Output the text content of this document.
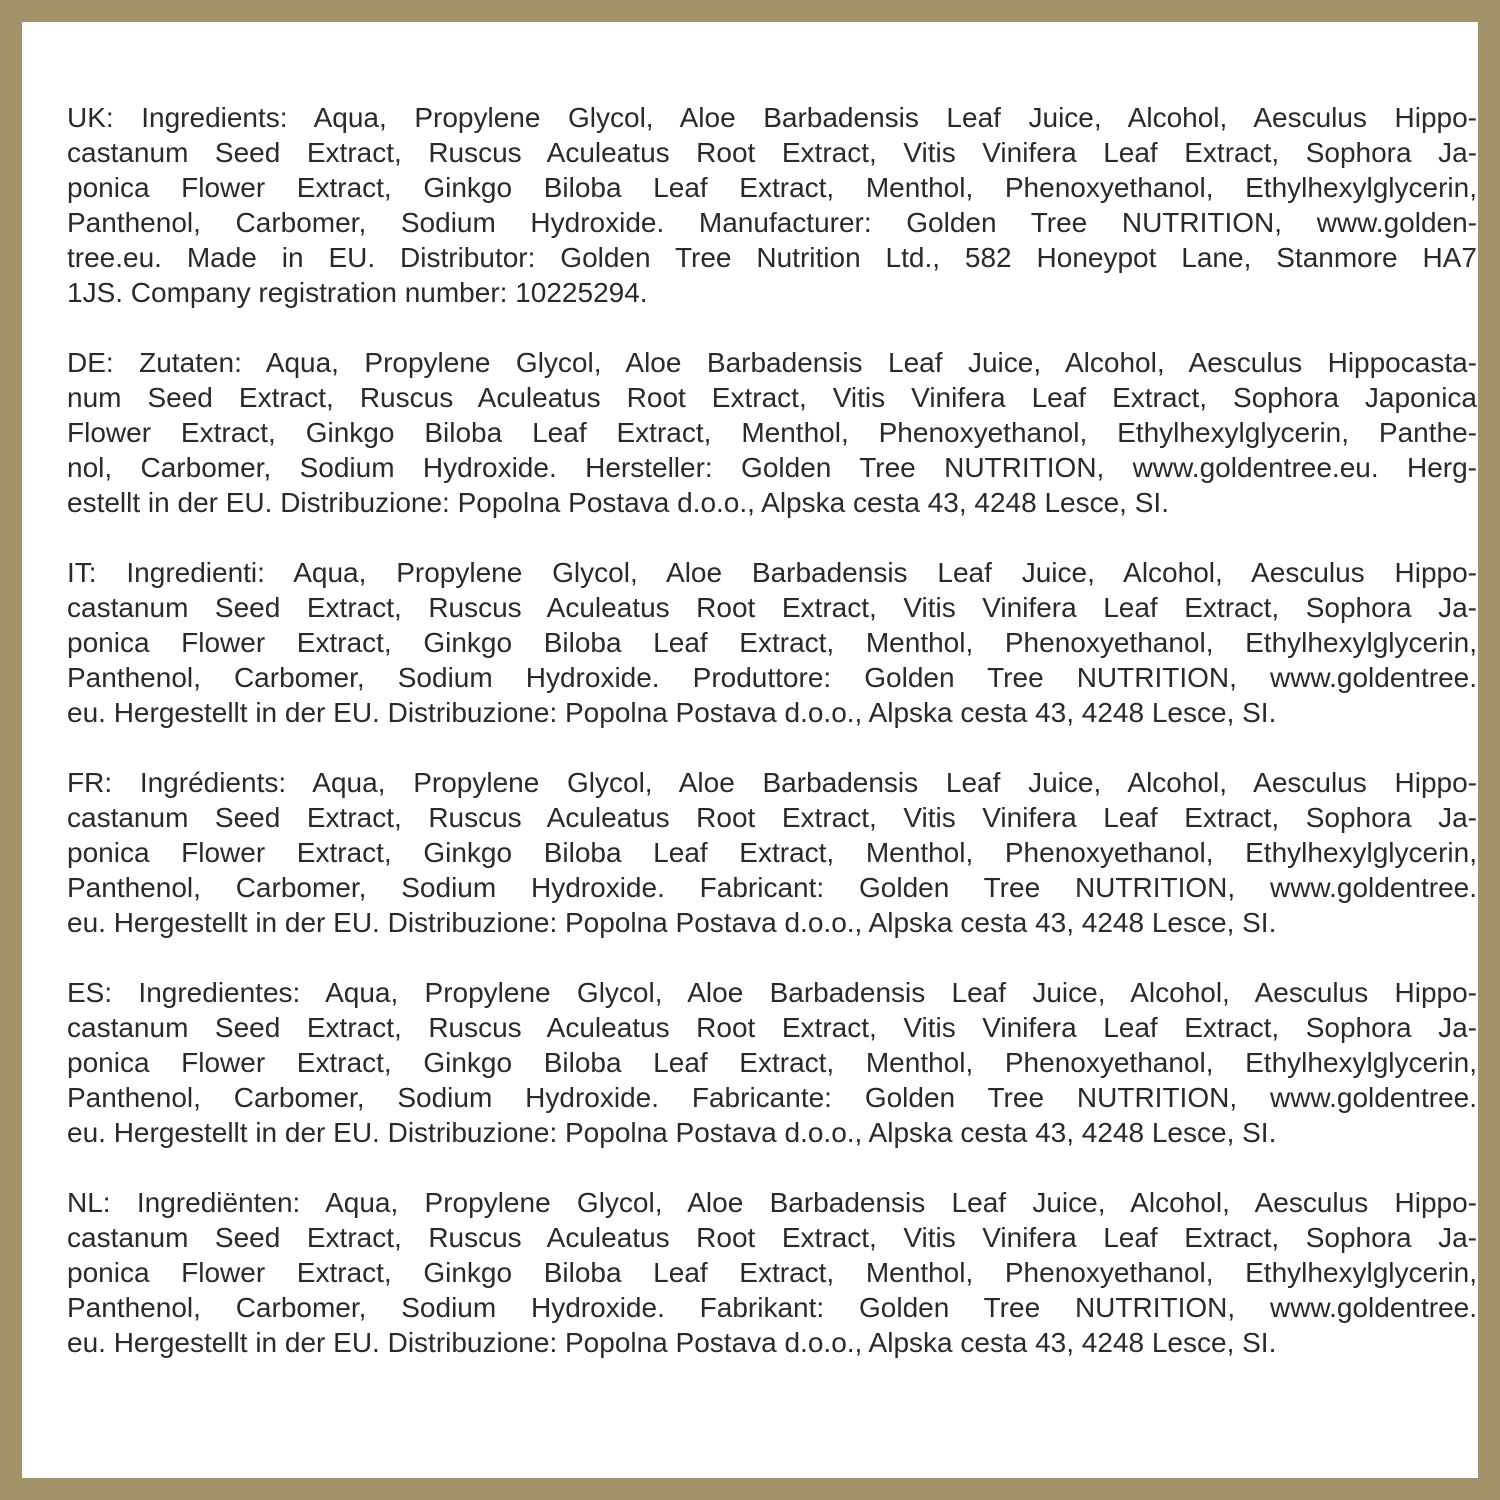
UK: Ingredients: Aqua, Propylene Glycol, Aloe Barbadensis Leaf Juice, Alcohol, Aesculus Hippo-
castanum Seed Extract, Ruscus Aculeatus Root Extract, Vitis Vinifera Leaf Extract, Sophora Ja-
ponica Flower Extract, Ginkgo Biloba Leaf Extract, Menthol, Phenoxyethanol, Ethylhexylglycerin,
Panthenol, Carbomer, Sodium Hydroxide. Manufacturer: Golden Tree NUTRITION, www.golden-
tree.eu. Made in EU. Distributor: Golden Tree Nutrition Ltd., 582 Honeypot Lane, Stanmore HA7
1JS. Company registration number: 10225294.
DE: Zutaten: Aqua, Propylene Glycol, Aloe Barbadensis Leaf Juice, Alcohol, Aesculus Hippocasta-
num Seed Extract, Ruscus Aculeatus Root Extract, Vitis Vinifera Leaf Extract, Sophora Japonica
Flower Extract, Ginkgo Biloba Leaf Extract, Menthol, Phenoxyethanol, Ethylhexylglycerin, Panthe-
nol, Carbomer, Sodium Hydroxide. Hersteller: Golden Tree NUTRITION, www.goldentree.eu. Herg-
estellt in der EU. Distribuzione: Popolna Postava d.o.o., Alpska cesta 43, 4248 Lesce, SI.
IT: Ingredienti: Aqua, Propylene Glycol, Aloe Barbadensis Leaf Juice, Alcohol, Aesculus Hippo-
castanum Seed Extract, Ruscus Aculeatus Root Extract, Vitis Vinifera Leaf Extract, Sophora Ja-
ponica Flower Extract, Ginkgo Biloba Leaf Extract, Menthol, Phenoxyethanol, Ethylhexylglycerin,
Panthenol, Carbomer, Sodium Hydroxide. Produttore: Golden Tree NUTRITION, www.goldentree.
eu. Hergestellt in der EU. Distribuzione: Popolna Postava d.o.o., Alpska cesta 43, 4248 Lesce, SI.
FR: Ingrédients: Aqua, Propylene Glycol, Aloe Barbadensis Leaf Juice, Alcohol, Aesculus Hippo-
castanum Seed Extract, Ruscus Aculeatus Root Extract, Vitis Vinifera Leaf Extract, Sophora Ja-
ponica Flower Extract, Ginkgo Biloba Leaf Extract, Menthol, Phenoxyethanol, Ethylhexylglycerin,
Panthenol, Carbomer, Sodium Hydroxide. Fabricant: Golden Tree NUTRITION, www.goldentree.
eu. Hergestellt in der EU. Distribuzione: Popolna Postava d.o.o., Alpska cesta 43, 4248 Lesce, SI.
ES: Ingredientes: Aqua, Propylene Glycol, Aloe Barbadensis Leaf Juice, Alcohol, Aesculus Hippo-
castanum Seed Extract, Ruscus Aculeatus Root Extract, Vitis Vinifera Leaf Extract, Sophora Ja-
ponica Flower Extract, Ginkgo Biloba Leaf Extract, Menthol, Phenoxyethanol, Ethylhexylglycerin,
Panthenol, Carbomer, Sodium Hydroxide. Fabricante: Golden Tree NUTRITION, www.goldentree.
eu. Hergestellt in der EU. Distribuzione: Popolna Postava d.o.o., Alpska cesta 43, 4248 Lesce, SI.
NL: Ingrediënten: Aqua, Propylene Glycol, Aloe Barbadensis Leaf Juice, Alcohol, Aesculus Hippo-
castanum Seed Extract, Ruscus Aculeatus Root Extract, Vitis Vinifera Leaf Extract, Sophora Ja-
ponica Flower Extract, Ginkgo Biloba Leaf Extract, Menthol, Phenoxyethanol, Ethylhexylglycerin,
Panthenol, Carbomer, Sodium Hydroxide. Fabrikant: Golden Tree NUTRITION, www.goldentree.
eu. Hergestellt in der EU. Distribuzione: Popolna Postava d.o.o., Alpska cesta 43, 4248 Lesce, SI.
